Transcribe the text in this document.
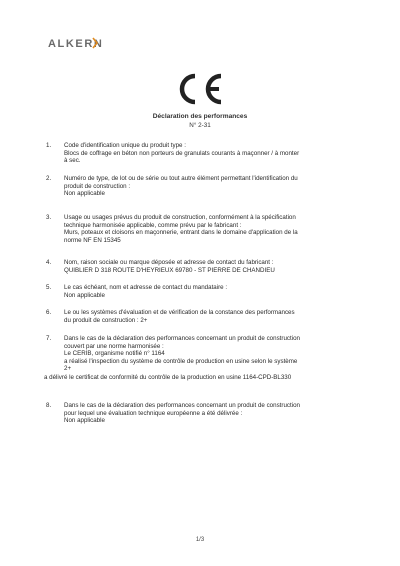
ALKERN
Déclaration des performances
N° 2-31
1.	Code d'identification unique du produit type :
Blocs de coffrage en béton non porteurs de granulats courants à maçonner / à monter
à sec.
2.	Numéro de type, de lot ou de série ou tout autre élément permettant l'identification du
produit de construction :
Non applicable
3.	Usage ou usages prévus du produit de construction, conformément à la spécification
technique harmonisée applicable, comme prévu par le fabricant :
Murs, poteaux et cloisons en maçonnerie, entrant dans le domaine d'application de la
norme NF EN 15345
4.	Nom, raison sociale ou marque déposée et adresse de contact du fabricant :
QUIBLIER D 318 ROUTE D'HEYRIEUX 69780 - ST PIERRE DE CHANDIEU
5.	Le cas échéant, nom et adresse de contact du mandataire :
Non applicable
6.	Le ou les systèmes d'évaluation et de vérification de la constance des performances
du produit de construction : 2+
7.	Dans le cas de la déclaration des performances concernant un produit de construction
couvert par une norme harmonisée :
Le CERIB, organisme notifié n° 1164
a réalisé l'inspection du système de contrôle de production en usine selon le système
2+
a délivré le certificat de conformité du contrôle de la production en usine 1164-CPD-BL330
8.	Dans le cas de la déclaration des performances concernant un produit de construction
pour lequel une évaluation technique européenne a été délivrée :
Non applicable
1/3
